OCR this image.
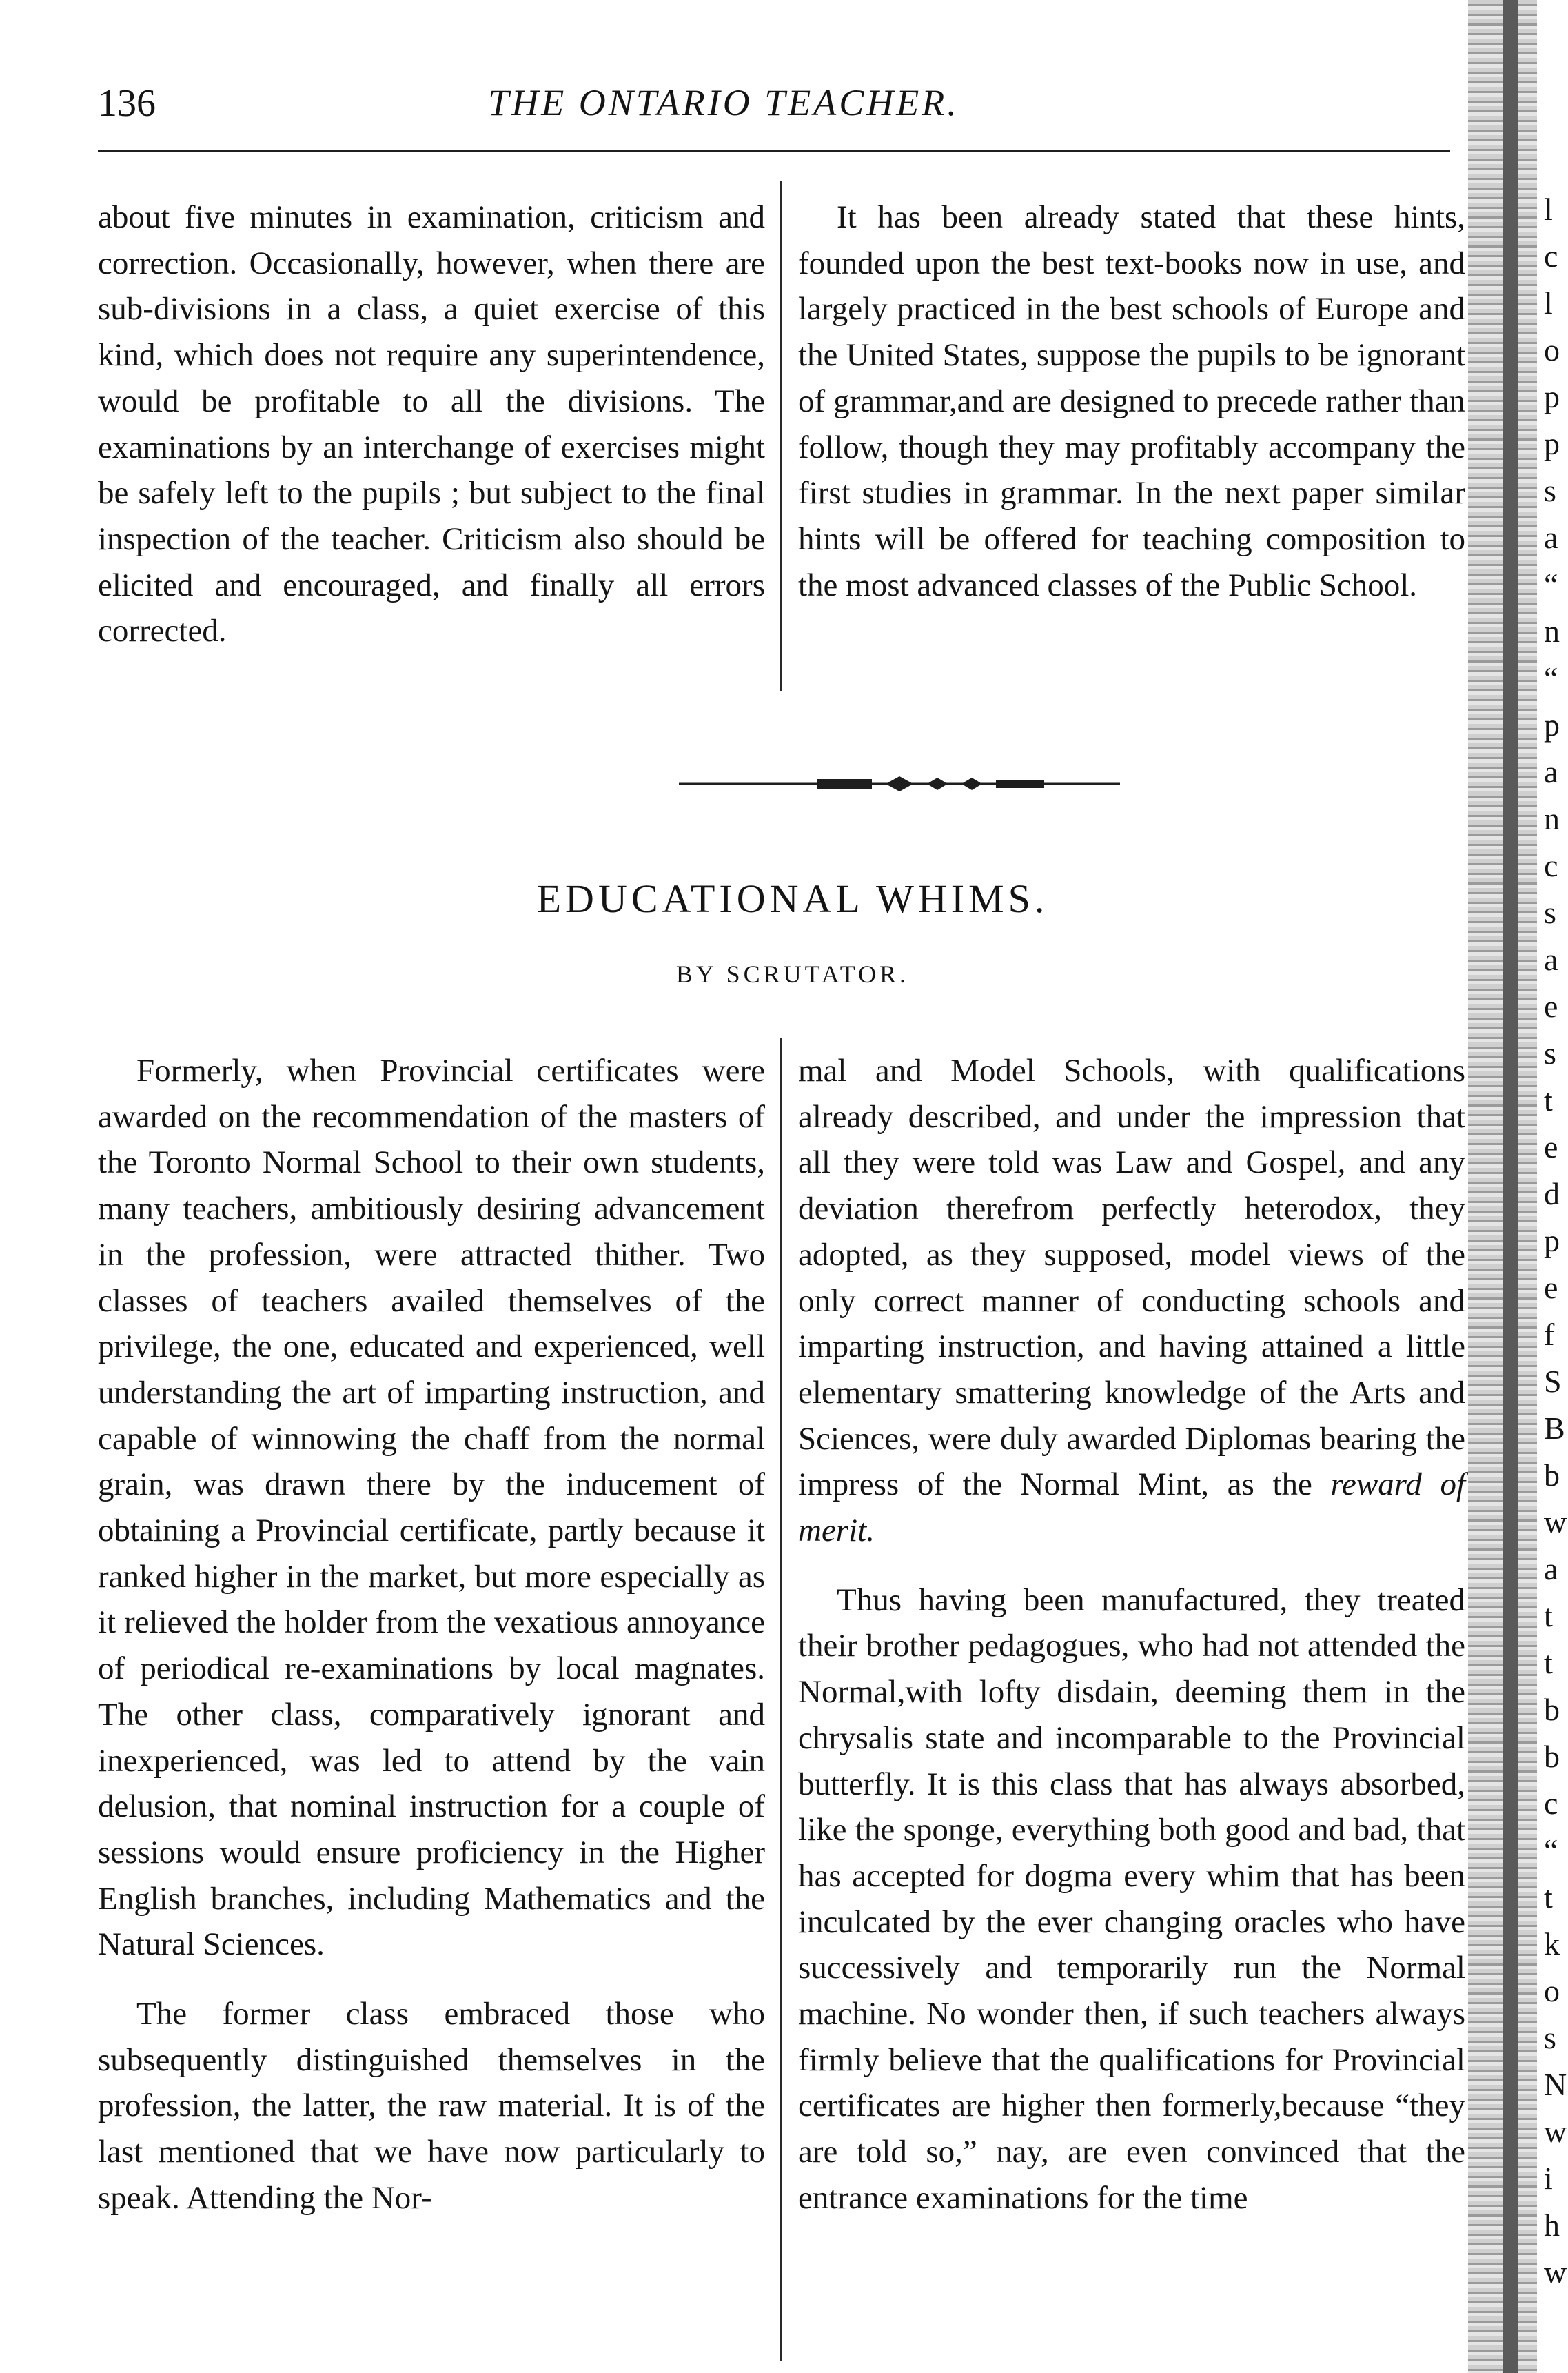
136	THE ONTARIO TEACHER.

about five minutes in examination, criticism and correction. Occasionally, however, when there are sub-divisions in a class, a quiet exercise of this kind, which does not require any superintendence, would be profitable to all the divisions. The examinations by an interchange of exercises might be safely left to the pupils ; but subject to the final inspection of the teacher. Criticism also should be elicited and encouraged, and finally all errors corrected.

It has been already stated that these hints, founded upon the best text-books now in use, and largely practiced in the best schools of Europe and the United States, suppose the pupils to be ignorant of grammar,and are designed to precede rather than follow, though they may profitably accompany the first studies in grammar. In the next paper similar hints will be offered for teaching composition to the most advanced classes of the Public School.

EDUCATIONAL WHIMS.
BY SCRUTATOR.

Formerly, when Provincial certificates were awarded on the recommendation of the masters of the Toronto Normal School to their own students, many teachers, ambitiously desiring advancement in the profession, were attracted thither. Two classes of teachers availed themselves of the privilege, the one, educated and experienced, well understanding the art of imparting instruction, and capable of winnowing the chaff from the normal grain, was drawn there by the inducement of obtaining a Provincial certificate, partly because it ranked higher in the market, but more especially as it relieved the holder from the vexatious annoyance of periodical re-examinations by local magnates. The other class, comparatively ignorant and inexperienced, was led to attend by the vain delusion, that nominal instruction for a couple of sessions would ensure proficiency in the Higher English branches, including Mathematics and the Natural Sciences.

The former class embraced those who subsequently distinguished themselves in the profession, the latter, the raw material. It is of the last mentioned that we have now particularly to speak. Attending the Nor-

mal and Model Schools, with qualifications already described, and under the impression that all they were told was Law and Gospel, and any deviation therefrom perfectly heterodox, they adopted, as they supposed, model views of the only correct manner of conducting schools and imparting instruction, and having attained a little elementary smattering knowledge of the Arts and Sciences, were duly awarded Diplomas bearing the impress of the Normal Mint, as the reward of merit.

Thus having been manufactured, they treated their brother pedagogues, who had not attended the Normal,with lofty disdain, deeming them in the chrysalis state and incomparable to the Provincial butterfly. It is this class that has always absorbed, like the sponge, everything both good and bad, that has accepted for dogma every whim that has been inculcated by the ever changing oracles who have successively and temporarily run the Normal machine. No wonder then, if such teachers always firmly believe that the qualifications for Provincial certificates are higher then formerly,because “they are told so,” nay, are even convinced that the entrance examinations for the time

l
c
l
o
p
p
s
a
“
n
“
p
a
n
c
s
a
e
s
t
e
d
p
e
f
S
B
b
w
a
t
t
b
b
c
“
t
k
o
s
N
w
i
h
w
